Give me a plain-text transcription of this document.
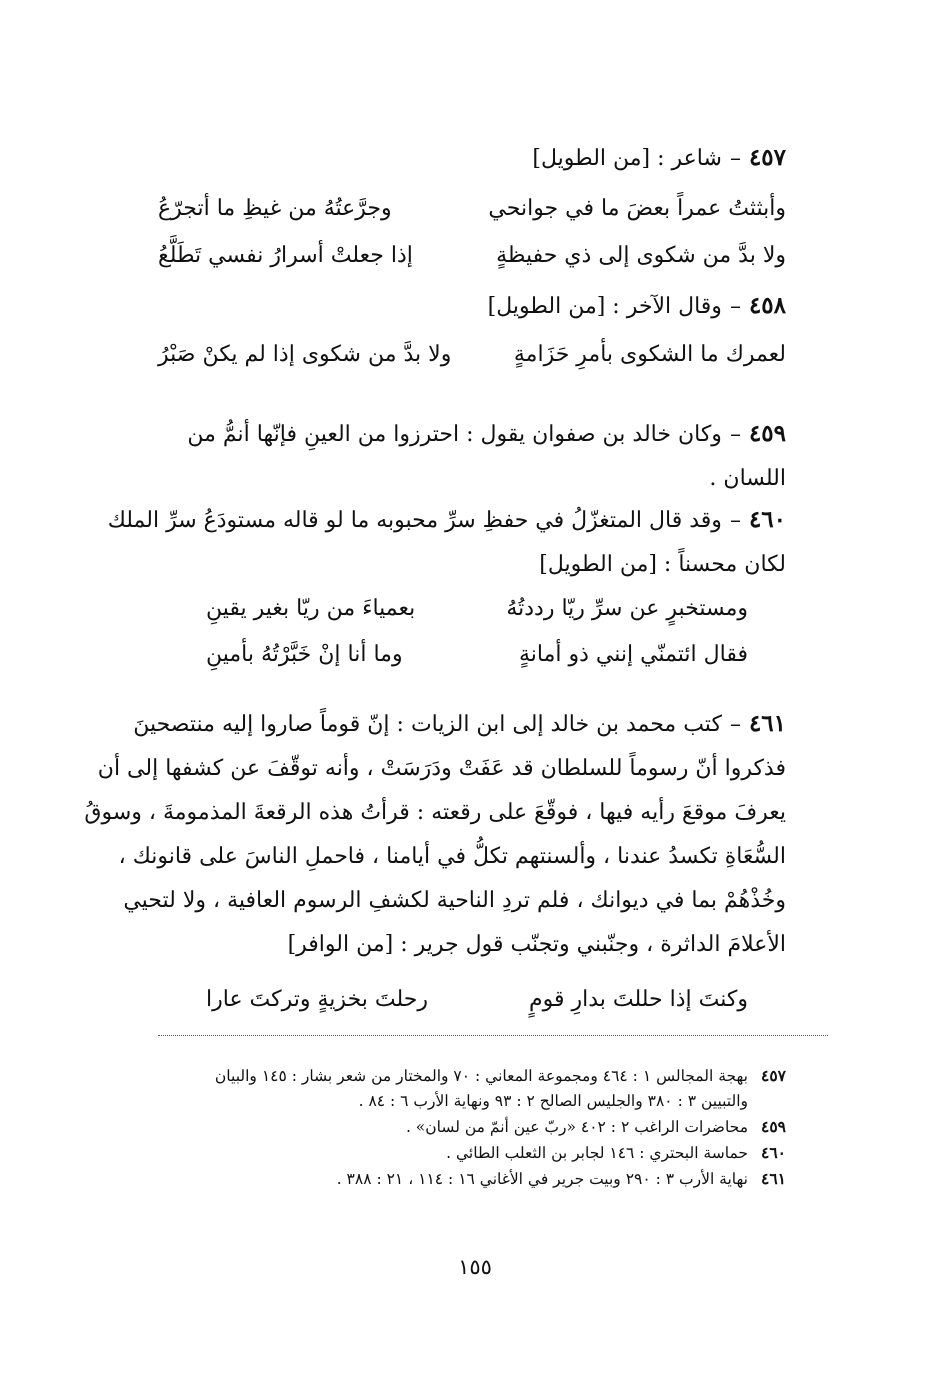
٤٥٧–شاعر : [من الطويل]
وأبثثتُ عمراً بعضَ ما في جوانحي
وجرَّعتُهُ من غيظِ ما أتجرّعُ
ولا بدَّ من شكوى إلى ذي حفيظةٍ
إذا جعلتْ أسرارُ نفسي تَطَلَّعُ
٤٥٨–وقال الآخر : [من الطويل]
لعمرك ما الشكوى بأمرِ حَزَامةٍ
ولا بدَّ من شكوى إذا لم يكنْ صَبْرُ
٤٥٩–وكان خالد بن صفوان يقول : احترزوا من العينِ فإنّها أنمُّ من
اللسان .
٤٦٠–وقد قال المتغزّلُ في حفظِ سرِّ محبوبه ما لو قاله مستودَعُ سرِّ الملك
لكان محسناً : [من الطويل]
ومستخبرٍ عن سرِّ ريّا رددتُهُ
بعمياءَ من ريّا بغير يقينِ
فقال ائتمنّي إنني ذو أمانةٍ
وما أنا إنْ خَبَّرْتُهُ بأمينِ
٤٦١–كتب محمد بن خالد إلى ابن الزيات : إنّ قوماً صاروا إليه منتصحينَ
فذكروا أنّ رسوماً للسلطان قد عَفَتْ ودَرَسَتْ ، وأنه توقّفَ عن كشفها إلى أن
يعرفَ موقعَ رأيه فيها ، فوقّعَ على رقعته : قرأتُ هذه الرقعةَ المذمومةَ ، وسوقُ
السُّعَاةِ تكسدُ عندنا ، وألسنتهم تكلُّ في أيامنا ، فاحملِ الناسَ على قانونك ،
وخُذْهُمْ بما في ديوانك ، فلم تردِ الناحية لكشفِ الرسوم العافية ، ولا لتحيي
الأعلامَ الداثرة ، وجنّبني وتجنّب قول جرير : [من الوافر]
وكنتَ إذا حللتَ بدارِ قومٍ
رحلتَ بخزيةٍ وتركتَ عارا
٤٥٧
بهجة المجالس ١ : ٤٦٤ ومجموعة المعاني : ٧٠ والمختار من شعر بشار : ١٤٥ والبيان
والتبيين ٣ : ٣٨٠ والجليس الصالح ٢ : ٩٣ ونهاية الأرب ٦ : ٨٤ .
٤٥٩
محاضرات الراغب ٢ : ٤٠٢ «ربّ عين أنمّ من لسان» .
٤٦٠
حماسة البحتري : ١٤٦ لجابر بن الثعلب الطائي .
٤٦١
نهاية الأرب ٣ : ٢٩٠ وبيت جرير في الأغاني ١٦ : ١١٤ ، ٢١ : ٣٨٨ .
١٥٥
